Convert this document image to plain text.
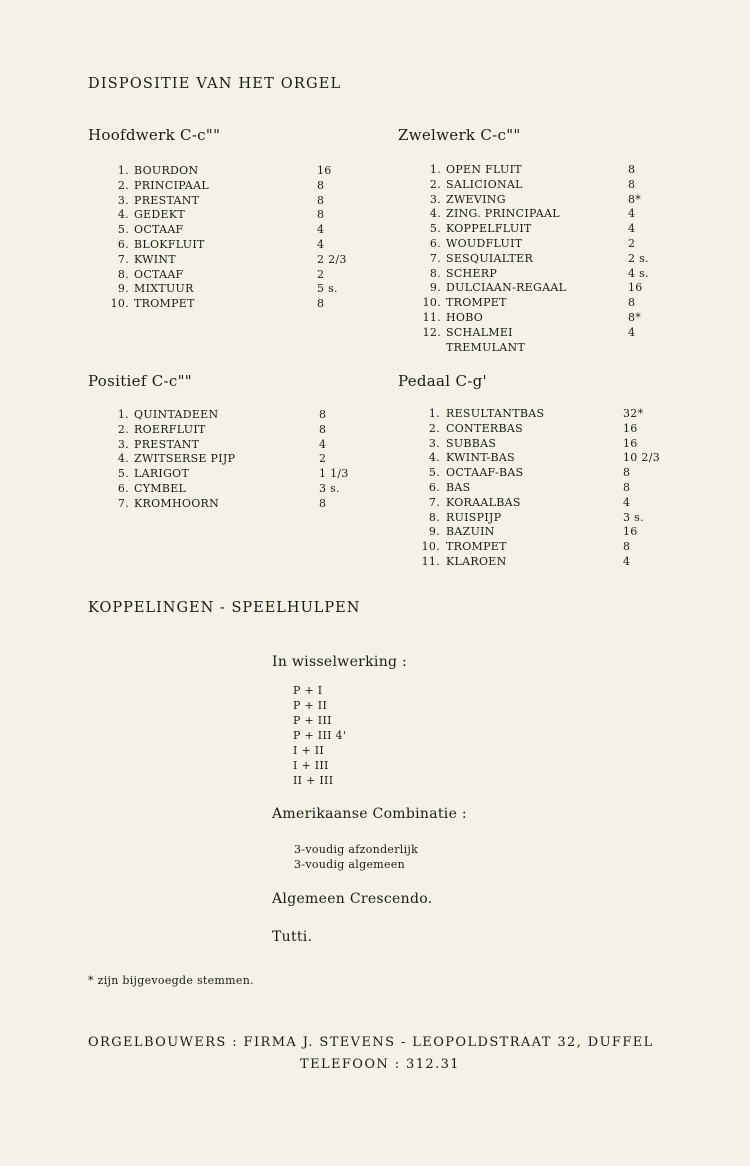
DISPOSITIE VAN HET ORGEL
Hoofdwerk C-c""	Zwelwerk C-c""
Positief C-c""	Pedaal C-g'
1. BOURDON	16
2. PRINCIPAAL	8
3. PRESTANT	8
4. GEDEKT	8
5. OCTAAF	4
6. BLOKFLUIT	4
7. KWINT	2 2/3
8. OCTAAF	2
9. MIXTUUR	5 s.
10. TROMPET	8
1. OPEN FLUIT	8
2. SALICIONAL	8
3. ZWEVING	8*
4. ZING. PRINCIPAAL	4
5. KOPPELFLUIT	4
6. WOUDFLUIT	2
7. SESQUIALTER	2 s.
8. SCHERP	4 s.
9. DULCIAAN-REGAAL	16
10. TROMPET	8
11. HOBO	8*
12. SCHALMEI	4
TREMULANT
1. QUINTADEEN	8
2. ROERFLUIT	8
3. PRESTANT	4
4. ZWITSERSE PIJP	2
5. LARIGOT	1 1/3
6. CYMBEL	3 s.
7. KROMHOORN	8
1. RESULTANTBAS	32*
2. CONTERBAS	16
3. SUBBAS	16
4. KWINT-BAS	10 2/3
5. OCTAAF-BAS	8
6. BAS	8
7. KORAALBAS	4
8. RUISPIJP	3 s.
9. BAZUIN	16
10. TROMPET	8
11. KLAROEN	4
KOPPELINGEN - SPEELHULPEN
In wisselwerking :
P + I
P + II
P + III
P + III 4'
I + II
I + III
II + III
Amerikaanse Combinatie :
3-voudig afzonderlijk
3-voudig algemeen
Algemeen Crescendo.
Tutti.
* zijn bijgevoegde stemmen.
ORGELBOUWERS : FIRMA J. STEVENS - LEOPOLDSTRAAT 32, DUFFEL
TELEFOON : 312.31
